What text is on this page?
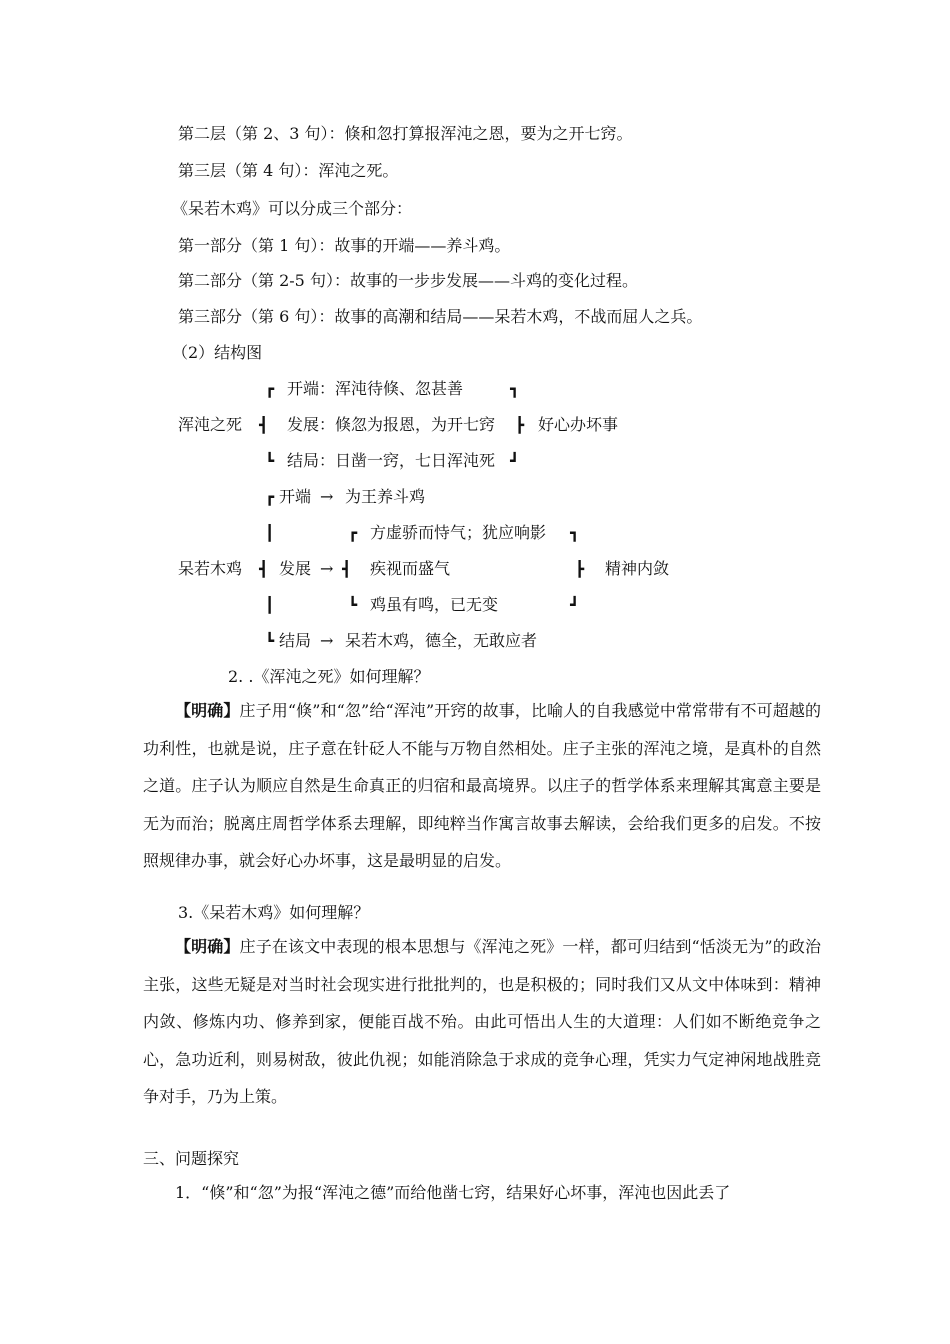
第二层（第 2、3 句）：倏和忽打算报浑沌之恩，要为之开七窍。
第三层（第 4 句）：浑沌之死。
《呆若木鸡》可以分成三个部分：
第一部分（第 1 句）：故事的开端——养斗鸡。
第二部分（第 2-5 句）：故事的一步步发展——斗鸡的变化过程。
第三部分（第 6 句）：故事的高潮和结局——呆若木鸡，不战而屈人之兵。
（2）结构图
┏ 开端：浑沌待倏、忽甚善	┓
浑沌之死 ┫ 发展：倏忽为报恩，为开七窍 ┣ 好心办坏事
┗ 结局：日凿一窍，七日浑沌死 ┛
┏ 开端 → 为王养斗鸡
┃	┏ 方虚骄而恃气；犹应响影 ┓
呆若木鸡 ┫ 发展 → ┫ 疾视而盛气	┣ 精神内敛
┃	┗ 鸡虽有鸣，已无变	┛
┗ 结局 → 呆若木鸡，德全，无敢应者
2. .《浑沌之死》如何理解？
【明确】庄子用“倏”和“忽”给“浑沌”开窍的故事，比喻人的自我感觉中常常带有不可超越的功利性，也就是说，庄子意在针砭人不能与万物自然相处。庄子主张的浑沌之境，是真朴的自然之道。庄子认为顺应自然是生命真正的归宿和最高境界。以庄子的哲学体系来理解其寓意主要是无为而治；脱离庄周哲学体系去理解，即纯粹当作寓言故事去解读，会给我们更多的启发。不按照规律办事，就会好心办坏事，这是最明显的启发。
3.《呆若木鸡》如何理解？
【明确】庄子在该文中表现的根本思想与《浑沌之死》一样，都可归结到“恬淡无为”的政治主张，这些无疑是对当时社会现实进行批批判的，也是积极的；同时我们又从文中体味到：精神内敛、修炼内功、修养到家，便能百战不殆。由此可悟出人生的大道理：人们如不断绝竞争之心，急功近利，则易树敌，彼此仇视；如能消除急于求成的竞争心理，凭实力气定神闲地战胜竞争对手，乃为上策。
三、问题探究
1．“倏”和“忽”为报“浑沌之德”而给他凿七窍，结果好心坏事，浑沌也因此丢了
